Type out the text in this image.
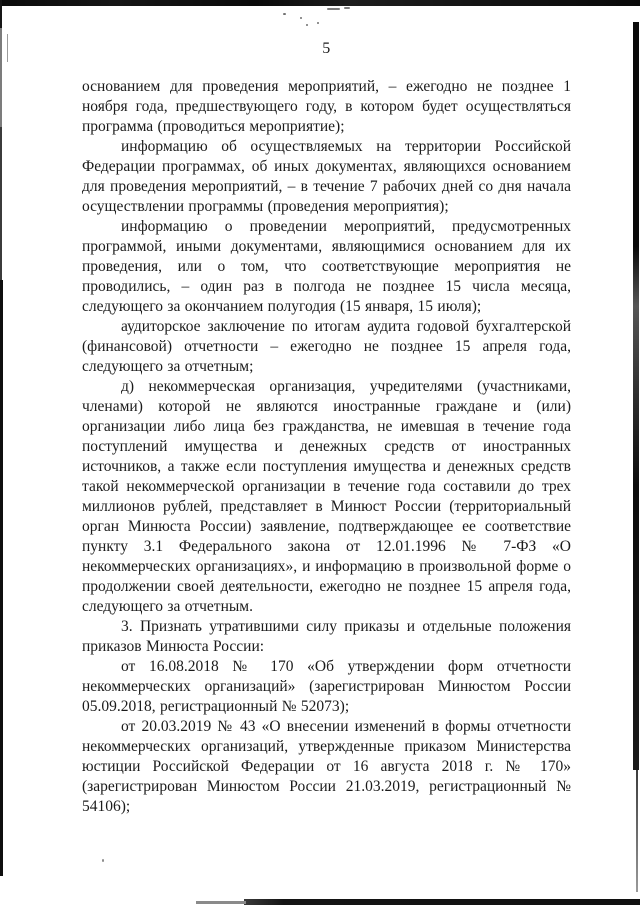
5

основанием для проведения мероприятий, – ежегодно не позднее 1 ноября года, предшествующего году, в котором будет осуществляться программа (проводиться мероприятие);

информацию об осуществляемых на территории Российской Федерации программах, об иных документах, являющихся основанием для проведения мероприятий, – в течение 7 рабочих дней со дня начала осуществлении программы (проведения мероприятия);

информацию о проведении мероприятий, предусмотренных программой, иными документами, являющимися основанием для их проведения, или о том, что соответствующие мероприятия не проводились, – один раз в полгода не позднее 15 числа месяца, следующего за окончанием полугодия (15 января, 15 июля);

аудиторское заключение по итогам аудита годовой бухгалтерской (финансовой) отчетности – ежегодно не позднее 15 апреля года, следующего за отчетным;

д) некоммерческая организация, учредителями (участниками, членами) которой не являются иностранные граждане и (или) организации либо лица без гражданства, не имевшая в течение года поступлений имущества и денежных средств от иностранных источников, а также если поступления имущества и денежных средств такой некоммерческой организации в течение года составили до трех миллионов рублей, представляет в Минюст России (территориальный орган Минюста России) заявление, подтверждающее ее соответствие пункту 3.1 Федерального закона от 12.01.1996 № 7-ФЗ «О некоммерческих организациях», и информацию в произвольной форме о продолжении своей деятельности, ежегодно не позднее 15 апреля года, следующего за отчетным.

3. Признать утратившими силу приказы и отдельные положения приказов Минюста России:

от 16.08.2018 № 170 «Об утверждении форм отчетности некоммерческих организаций» (зарегистрирован Минюстом России 05.09.2018, регистрационный № 52073);

от 20.03.2019 № 43 «О внесении изменений в формы отчетности некоммерческих организаций, утвержденные приказом Министерства юстиции Российской Федерации от 16 августа 2018 г. № 170» (зарегистрирован Минюстом России 21.03.2019, регистрационный № 54106);
